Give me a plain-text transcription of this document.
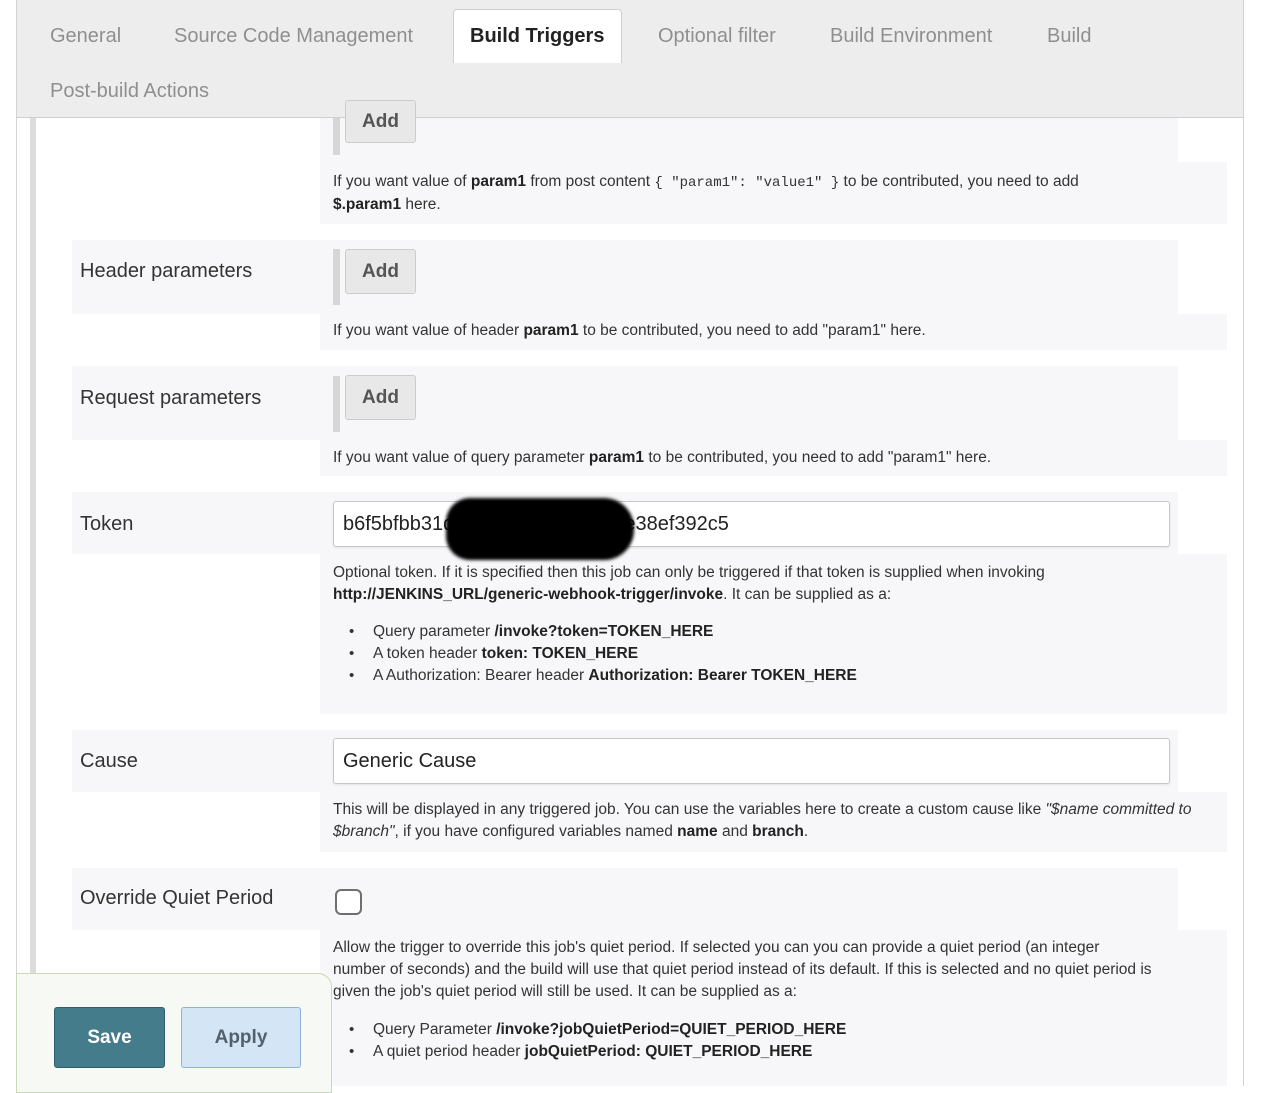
General	Source Code Management	Build Triggers	Optional filter	Build Environment	Build
Post-build Actions
Add
If you want value of param1 from post content { "param1": "value1" } to be contributed, you need to add
$.param1 here.
Header parameters	Add
If you want value of header param1 to be contributed, you need to add "param1" here.
Request parameters	Add
If you want value of query parameter param1 to be contributed, you need to add "param1" here.
Token
b6f5bfbb31d9d28f525cs8753gae38ef392c5
Optional token. If it is specified then this job can only be triggered if that token is supplied when invoking
http://JENKINS_URL/generic-webhook-trigger/invoke. It can be supplied as a:
• Query parameter /invoke?token=TOKEN_HERE
• A token header token: TOKEN_HERE
• A Authorization: Bearer header Authorization: Bearer TOKEN_HERE
Cause
Generic Cause
This will be displayed in any triggered job. You can use the variables here to create a custom cause like "$name committed to $branch", if you have configured variables named name and branch.
Override Quiet Period
Allow the trigger to override this job's quiet period. If selected you can you can provide a quiet period (an integer
number of seconds) and the build will use that quiet period instead of its default. If this is selected and no quiet period is
given the job's quiet period will still be used. It can be supplied as a:
• Query Parameter /invoke?jobQuietPeriod=QUIET_PERIOD_HERE
• A quiet period header jobQuietPeriod: QUIET_PERIOD_HERE
Save	Apply
